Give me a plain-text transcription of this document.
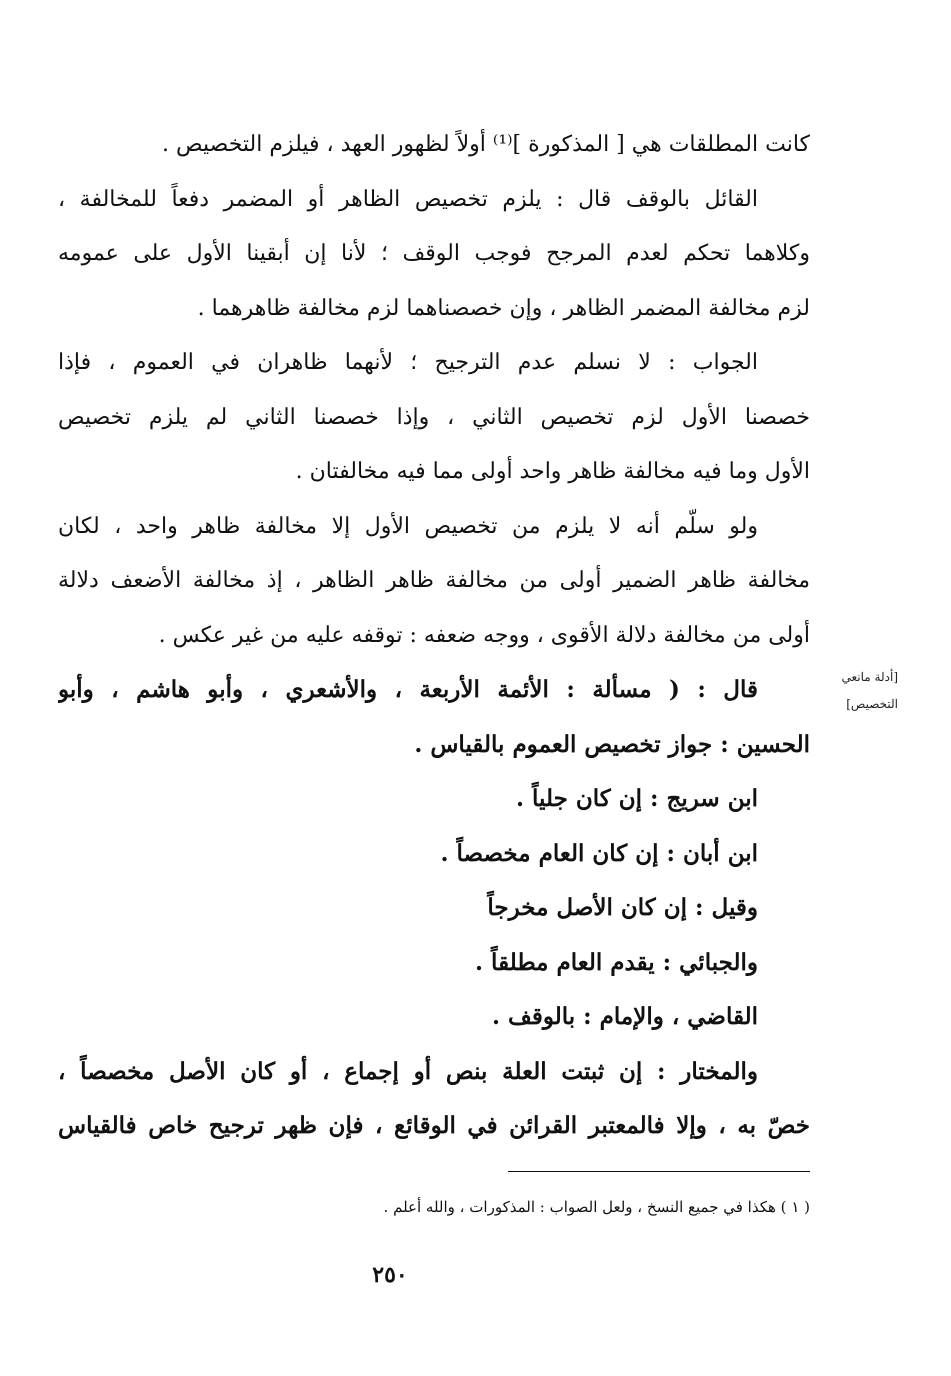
كانت المطلقات هي [ المذكورة ]⁽¹⁾ أولاً لظهور العهد ، فيلزم التخصيص .
القائل بالوقف قال : يلزم تخصيص الظاهر أو المضمر دفعاً للمخالفة ،
وكلاهما تحكم لعدم المرجح فوجب الوقف ؛ لأنا إن أبقينا الأول على عمومه
لزم مخالفة المضمر الظاهر ، وإن خصصناهما لزم مخالفة ظاهرهما .
الجواب : لا نسلم عدم الترجيح ؛ لأنهما ظاهران في العموم ، فإذا
خصصنا الأول لزم تخصيص الثاني ، وإذا خصصنا الثاني لم يلزم تخصيص
الأول وما فيه مخالفة ظاهر واحد أولى مما فيه مخالفتان .
ولو سلّم أنه لا يلزم من تخصيص الأول إلا مخالفة ظاهر واحد ، لكان
مخالفة ظاهر الضمير أولى من مخالفة ظاهر الظاهر ، إذ مخالفة الأضعف دلالة
أولى من مخالفة دلالة الأقوى ، ووجه ضعفه : توقفه عليه من غير عكس .
قال : ( مسألة : الأئمة الأربعة ، والأشعري ، وأبو هاشم ، وأبو
الحسين : جواز تخصيص العموم بالقياس .
ابن سريج : إن كان جلياً .
ابن أبان : إن كان العام مخصصاً .
وقيل : إن كان الأصل مخرجاً
والجبائي : يقدم العام مطلقاً .
القاضي ، والإمام : بالوقف .
والمختار : إن ثبتت العلة بنص أو إجماع ، أو كان الأصل مخصصاً ،
خصّ به ، وإلا فالمعتبر القرائن في الوقائع ، فإن ظهر ترجيح خاص فالقياس
[أدلة مانعي
التخصيص]
( ١ ) هكذا في جميع النسخ ، ولعل الصواب : المذكورات ، والله أعلم .
٢٥٠
